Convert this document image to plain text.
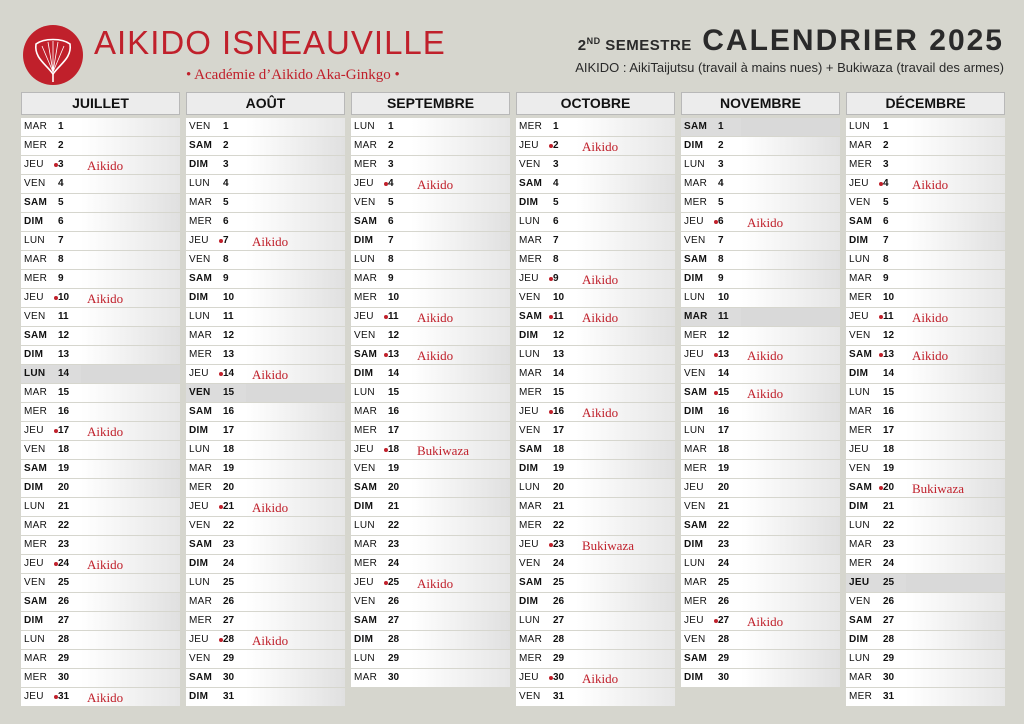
AIKIDO ISNEAUVILLE
• Académie d’Aikido Aka-Ginkgo •
2ND SEMESTRE CALENDRIER 2025
AIKIDO : AikiTaijutsu (travail à mains nues) + Bukiwaza (travail des armes)
JUILLET
MAR	1
MER	2
JEU	3	Aikido
VEN	4
SAM	5
DIM	6
LUN	7
MAR	8
MER	9
JEU	10	Aikido
VEN	11
SAM	12
DIM	13
LUN	14
MAR	15
MER	16
JEU	17	Aikido
VEN	18
SAM	19
DIM	20
LUN	21
MAR	22
MER	23
JEU	24	Aikido
VEN	25
SAM	26
DIM	27
LUN	28
MAR	29
MER	30
JEU	31	Aikido
AOÛT
VEN	1
SAM	2
DIM	3
LUN	4
MAR	5
MER	6
JEU	7	Aikido
VEN	8
SAM	9
DIM	10
LUN	11
MAR	12
MER	13
JEU	14	Aikido
VEN	15
SAM	16
DIM	17
LUN	18
MAR	19
MER	20
JEU	21	Aikido
VEN	22
SAM	23
DIM	24
LUN	25
MAR	26
MER	27
JEU	28	Aikido
VEN	29
SAM	30
DIM	31
SEPTEMBRE
LUN	1
MAR	2
MER	3
JEU	4	Aikido
VEN	5
SAM	6
DIM	7
LUN	8
MAR	9
MER	10
JEU	11	Aikido
VEN	12
SAM	13	Aikido
DIM	14
LUN	15
MAR	16
MER	17
JEU	18	Bukiwaza
VEN	19
SAM	20
DIM	21
LUN	22
MAR	23
MER	24
JEU	25	Aikido
VEN	26
SAM	27
DIM	28
LUN	29
MAR	30
OCTOBRE
MER	1
JEU	2	Aikido
VEN	3
SAM	4
DIM	5
LUN	6
MAR	7
MER	8
JEU	9	Aikido
VEN	10
SAM	11	Aikido
DIM	12
LUN	13
MAR	14
MER	15
JEU	16	Aikido
VEN	17
SAM	18
DIM	19
LUN	20
MAR	21
MER	22
JEU	23	Bukiwaza
VEN	24
SAM	25
DIM	26
LUN	27
MAR	28
MER	29
JEU	30	Aikido
VEN	31
NOVEMBRE
SAM	1
DIM	2
LUN	3
MAR	4
MER	5
JEU	6	Aikido
VEN	7
SAM	8
DIM	9
LUN	10
MAR	11
MER	12
JEU	13	Aikido
VEN	14
SAM	15	Aikido
DIM	16
LUN	17
MAR	18
MER	19
JEU	20
VEN	21
SAM	22
DIM	23
LUN	24
MAR	25
MER	26
JEU	27	Aikido
VEN	28
SAM	29
DIM	30
DÉCEMBRE
LUN	1
MAR	2
MER	3
JEU	4	Aikido
VEN	5
SAM	6
DIM	7
LUN	8
MAR	9
MER	10
JEU	11	Aikido
VEN	12
SAM	13	Aikido
DIM	14
LUN	15
MAR	16
MER	17
JEU	18
VEN	19
SAM	20	Bukiwaza
DIM	21
LUN	22
MAR	23
MER	24
JEU	25
VEN	26
SAM	27
DIM	28
LUN	29
MAR	30
MER	31
